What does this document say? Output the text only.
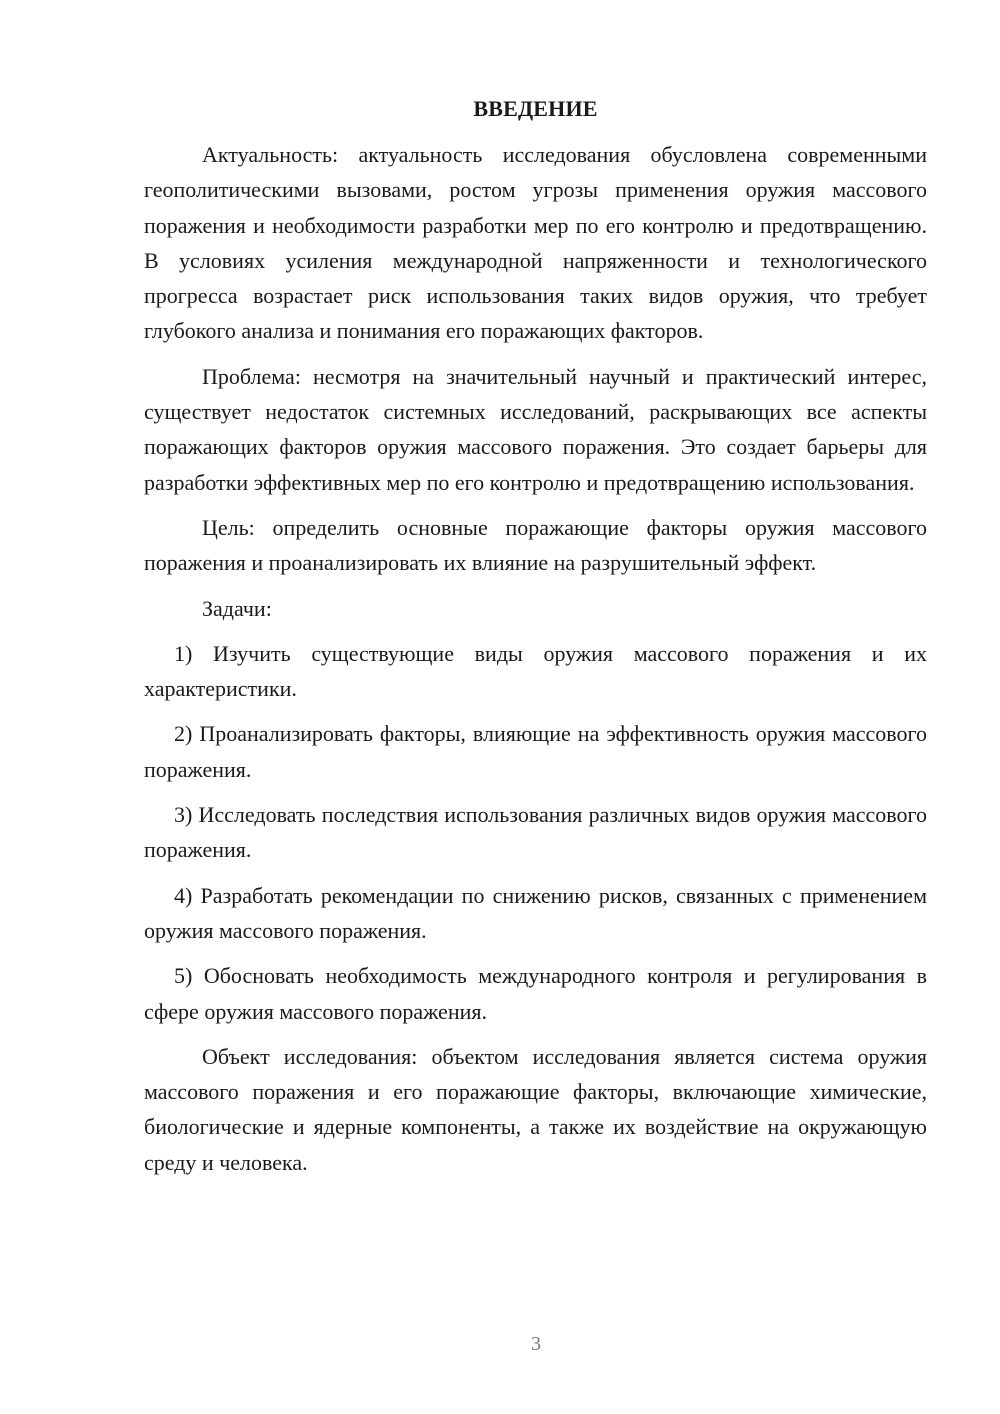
ВВЕДЕНИЕ

Актуальность: актуальность исследования обусловлена современными геополитическими вызовами, ростом угрозы применения оружия массового поражения и необходимости разработки мер по его контролю и предотвращению. В условиях усиления международной напряженности и технологического прогресса возрастает риск использования таких видов оружия, что требует глубокого анализа и понимания его поражающих факторов.

Проблема: несмотря на значительный научный и практический интерес, существует недостаток системных исследований, раскрывающих все аспекты поражающих факторов оружия массового поражения. Это создает барьеры для разработки эффективных мер по его контролю и предотвращению использования.

Цель: определить основные поражающие факторы оружия массового поражения и проанализировать их влияние на разрушительный эффект.

Задачи:

1) Изучить существующие виды оружия массового поражения и их характеристики.

2) Проанализировать факторы, влияющие на эффективность оружия массового поражения.

3) Исследовать последствия использования различных видов оружия массового поражения.

4) Разработать рекомендации по снижению рисков, связанных с применением оружия массового поражения.

5) Обосновать необходимость международного контроля и регулирования в сфере оружия массового поражения.

Объект исследования: объектом исследования является система оружия массового поражения и его поражающие факторы, включающие химические, биологические и ядерные компоненты, а также их воздействие на окружающую среду и человека.

3
